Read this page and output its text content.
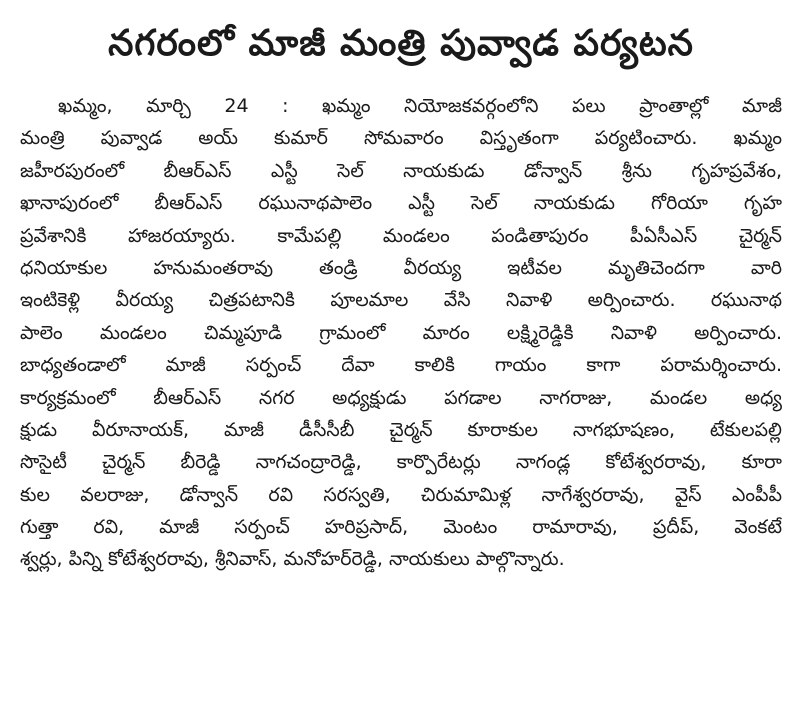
నగరంలో మాజీ మంత్రి పువ్వాడ పర్యటన
ఖమ్మం, మార్చి 24 : ఖమ్మం నియోజకవర్గంలోని పలు ప్రాంతాల్లో మాజీ
మంత్రి పువ్వాడ అయ్ కుమార్ సోమవారం విస్తృతంగా పర్యటించారు. ఖమ్మం
జహీరపురంలో బీఆర్ఎస్ ఎస్టీ సెల్ నాయకుడు డోన్వాన్ శ్రీను గృహప్రవేశం,
ఖానాపురంలో బీఆర్ఎస్ రఘునాథపాలెం ఎస్టీ సెల్ నాయకుడు గోరియా గృహ
ప్రవేశానికి హాజరయ్యారు. కామేపల్లి మండలం పండితాపురం పీఏసీఎస్ చైర్మన్
ధనియాకుల హనుమంతరావు తండ్రి వీరయ్య ఇటీవల మృతిచెందగా వారి
ఇంటికెళ్లి వీరయ్య చిత్రపటానికి పూలమాల వేసి నివాళి అర్పించారు. రఘునాథ
పాలెం మండలం చిమ్మపూడి గ్రామంలో మారం లక్ష్మిరెడ్డికి నివాళి అర్పించారు.
బాధ్యతండాలో మాజీ సర్పంచ్ దేవా కాలికి గాయం కాగా పరామర్శించారు.
కార్యక్రమంలో బీఆర్ఎస్ నగర అధ్యక్షుడు పగడాల నాగరాజు, మండల అధ్య
క్షుడు వీరూనాయక్, మాజీ డీసీసీబీ చైర్మన్ కూరాకుల నాగభూషణం, టేకులపల్లి
సొసైటీ చైర్మన్ బీరెడ్డి నాగచంద్రారెడ్డి, కార్పొరేటర్లు నాగండ్ల కోటేశ్వరరావు, కూరా
కుల వలరాజు, డోన్వాన్ రవి సరస్వతి, చిరుమామిళ్ల నాగేశ్వరరావు, వైస్ ఎంపీపీ
గుత్తా రవి, మాజీ సర్పంచ్ హరిప్రసాద్, మెంటం రామారావు, ప్రదీప్, వెంకటే
శ్వర్లు, పిన్ని కోటేశ్వరరావు, శ్రీనివాస్, మనోహర్‌రెడ్డి, నాయకులు పాల్గొన్నారు.
